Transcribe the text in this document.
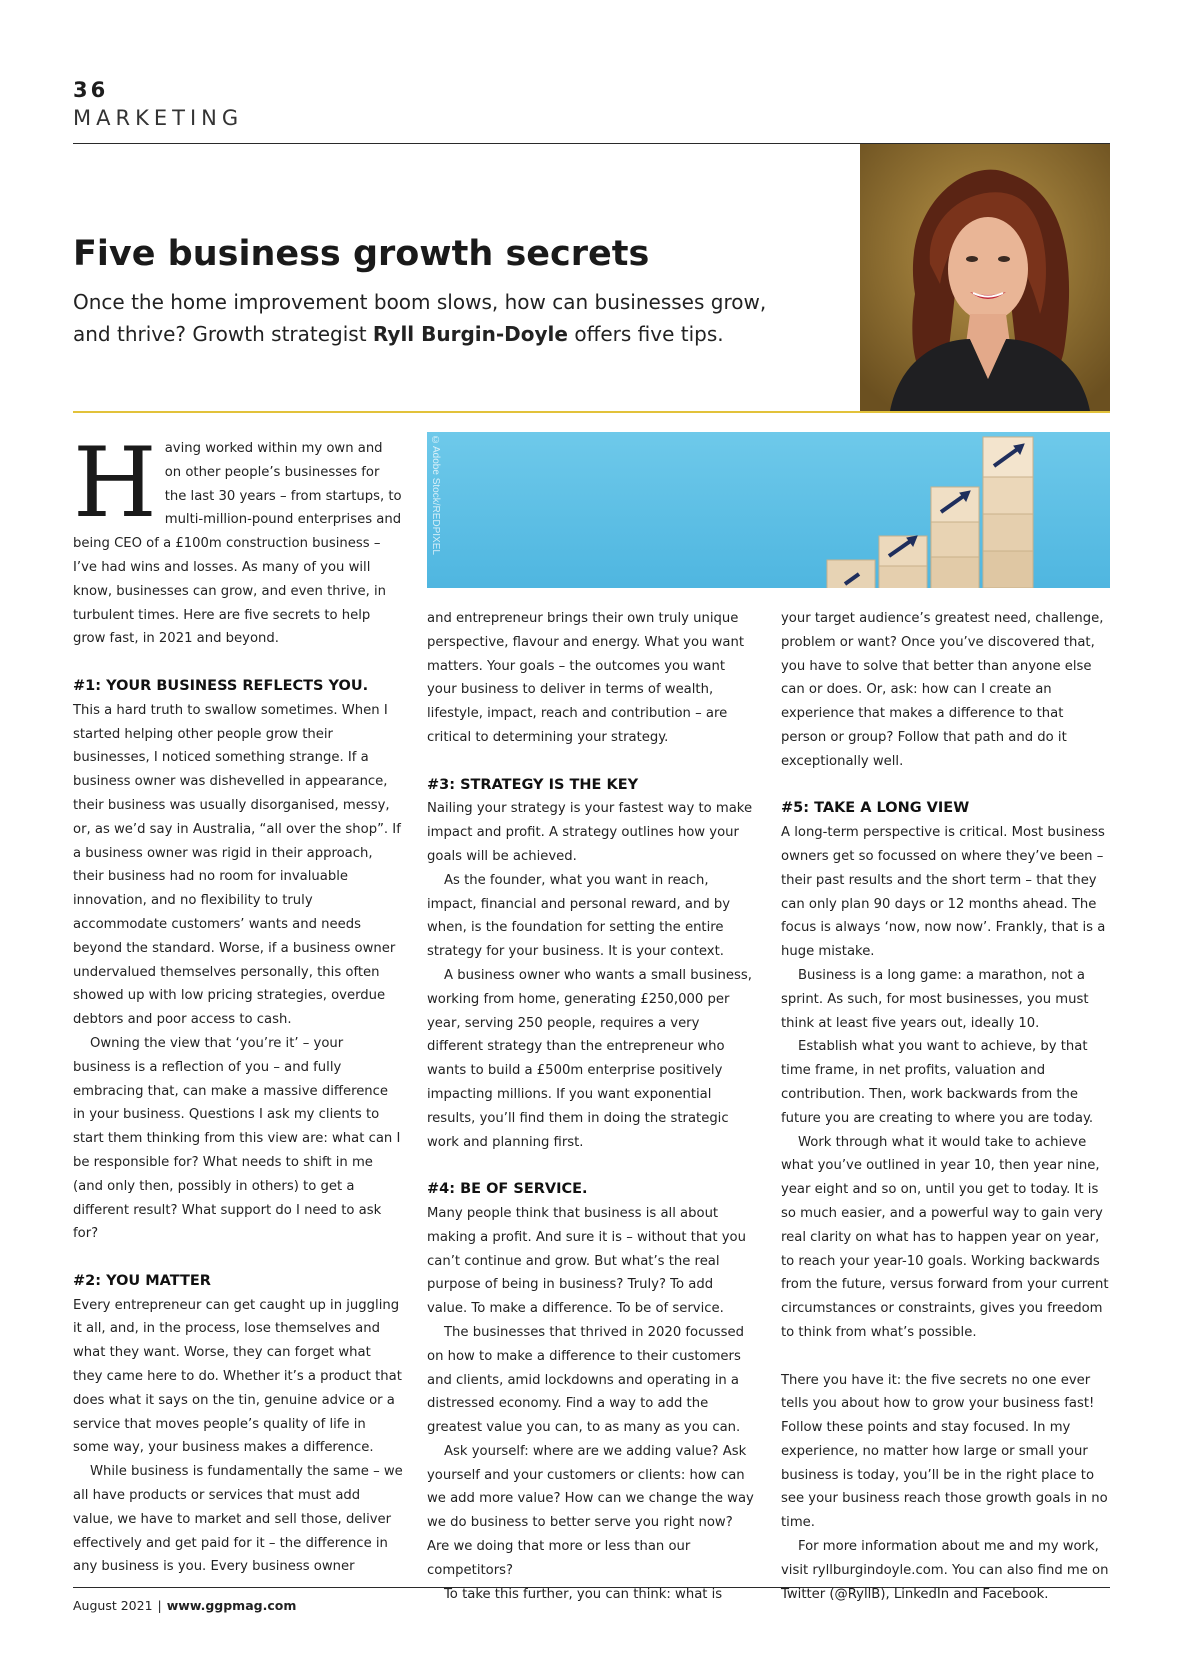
36
MARKETING
Five business growth secrets

Once the home improvement boom slows, how can businesses grow, and thrive? Growth strategist Ryll Burgin-Doyle offers five tips.

©Adobe Stock/REDPIXEL

H aving worked within my own and on other people’s businesses for the last 30 years – from startups, to multi-million-pound enterprises and being CEO of a £100m construction business – I’ve had wins and losses. As many of you will know, businesses can grow, and even thrive, in turbulent times. Here are five secrets to help grow fast, in 2021 and beyond.

#1: YOUR BUSINESS REFLECTS YOU.

This a hard truth to swallow sometimes. When I started helping other people grow their businesses, I noticed something strange. If a business owner was dishevelled in appearance, their business was usually disorganised, messy, or, as we’d say in Australia, “all over the shop”. If a business owner was rigid in their approach, their business had no room for invaluable innovation, and no flexibility to truly accommodate customers’ wants and needs beyond the standard. Worse, if a business owner undervalued themselves personally, this often showed up with low pricing strategies, overdue debtors and poor access to cash.

Owning the view that ‘you’re it’ – your business is a reflection of you – and fully embracing that, can make a massive difference in your business. Questions I ask my clients to start them thinking from this view are: what can I be responsible for? What needs to shift in me (and only then, possibly in others) to get a different result? What support do I need to ask for?

#2: YOU MATTER

Every entrepreneur can get caught up in juggling it all, and, in the process, lose themselves and what they want. Worse, they can forget what they came here to do. Whether it’s a product that does what it says on the tin, genuine advice or a service that moves people’s quality of life in some way, your business makes a difference.

While business is fundamentally the same – we all have products or services that must add value, we have to market and sell those, deliver effectively and get paid for it – the difference in any business is you. Every business owner

and entrepreneur brings their own truly unique perspective, flavour and energy. What you want matters. Your goals – the outcomes you want your business to deliver in terms of wealth, lifestyle, impact, reach and contribution – are critical to determining your strategy.

#3: STRATEGY IS THE KEY

Nailing your strategy is your fastest way to make impact and profit. A strategy outlines how your goals will be achieved.

As the founder, what you want in reach, impact, financial and personal reward, and by when, is the foundation for setting the entire strategy for your business. It is your context.

A business owner who wants a small business, working from home, generating £250,000 per year, serving 250 people, requires a very different strategy than the entrepreneur who wants to build a £500m enterprise positively impacting millions. If you want exponential results, you’ll find them in doing the strategic work and planning first.

#4: BE OF SERVICE.

Many people think that business is all about making a profit. And sure it is – without that you can’t continue and grow. But what’s the real purpose of being in business? Truly? To add value. To make a difference. To be of service.

The businesses that thrived in 2020 focussed on how to make a difference to their customers and clients, amid lockdowns and operating in a distressed economy. Find a way to add the greatest value you can, to as many as you can.

Ask yourself: where are we adding value? Ask yourself and your customers or clients: how can we add more value? How can we change the way we do business to better serve you right now? Are we doing that more or less than our competitors?

To take this further, you can think: what is

your target audience’s greatest need, challenge, problem or want? Once you’ve discovered that, you have to solve that better than anyone else can or does. Or, ask: how can I create an experience that makes a difference to that person or group? Follow that path and do it exceptionally well.

#5: TAKE A LONG VIEW

A long-term perspective is critical. Most business owners get so focussed on where they’ve been – their past results and the short term – that they can only plan 90 days or 12 months ahead. The focus is always ‘now, now now’. Frankly, that is a huge mistake.

Business is a long game: a marathon, not a sprint. As such, for most businesses, you must think at least five years out, ideally 10.

Establish what you want to achieve, by that time frame, in net profits, valuation and contribution. Then, work backwards from the future you are creating to where you are today.

Work through what it would take to achieve what you’ve outlined in year 10, then year nine, year eight and so on, until you get to today. It is so much easier, and a powerful way to gain very real clarity on what has to happen year on year, to reach your year-10 goals. Working backwards from the future, versus forward from your current circumstances or constraints, gives you freedom to think from what’s possible.

There you have it: the five secrets no one ever tells you about how to grow your business fast! Follow these points and stay focused. In my experience, no matter how large or small your business is today, you’ll be in the right place to see your business reach those growth goals in no time.

For more information about me and my work, visit ryllburgindoyle.com. You can also find me on Twitter (@RyllB), LinkedIn and Facebook.

August 2021 | www.ggpmag.com
